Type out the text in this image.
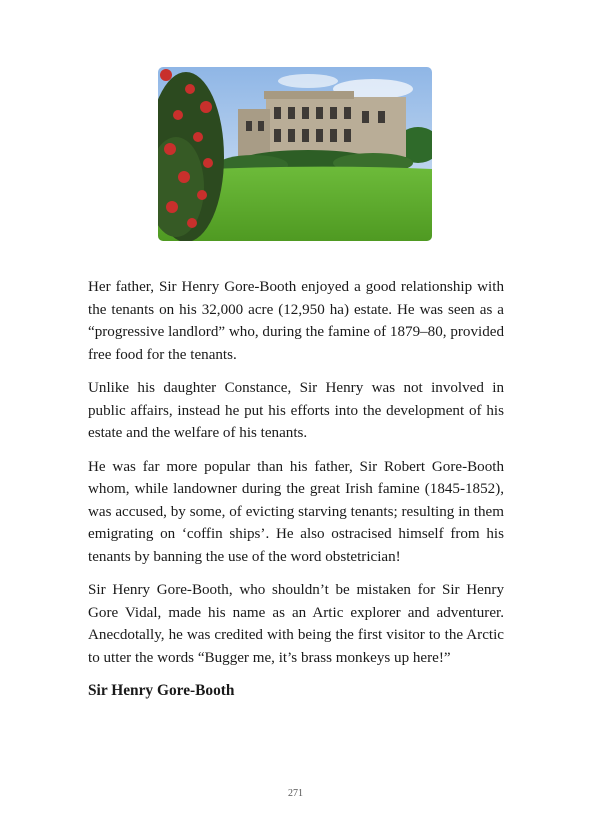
Her father, Sir Henry Gore-Booth enjoyed a good relationship with the tenants on his 32,000 acre (12,950 ha) estate. He was seen as a “progressive landlord” who, during the famine of 1879–80, provided free food for the tenants.

Unlike his daughter Constance, Sir Henry was not involved in public affairs, instead he put his efforts into the development of his estate and the welfare of his tenants.

He was far more popular than his father, Sir Robert Gore-Booth whom, while landowner during the great Irish famine (1845-1852), was accused, by some, of evicting starving tenants; resulting in them emigrating on ‘coffin ships’. He also ostracised himself from his tenants by banning the use of the word obstetrician!

Sir Henry Gore-Booth, who shouldn’t be mistaken for Sir Henry Gore Vidal, made his name as an Artic explorer and adventurer. Anecdotally, he was credited with being the first visitor to the Arctic to utter the words “Bugger me, it’s brass monkeys up here!”

Sir Henry Gore-Booth
271
